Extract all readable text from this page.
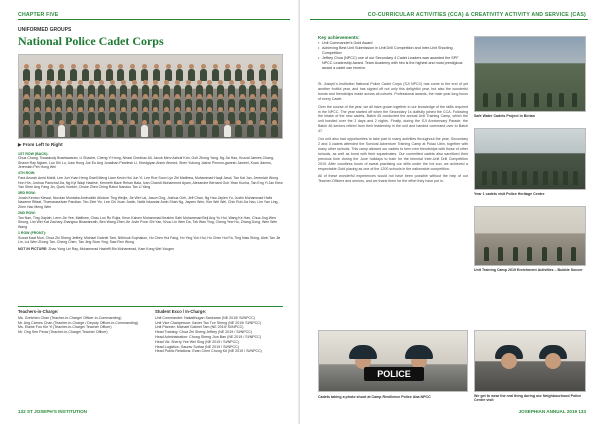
CHAPTER FIVE
UNIFORMED GROUPS
National Police Cadet Corps
▶ From Left to Right
1ST ROW (BACK):
Chua Chang, Tiwaakudy Bosetawaran, Li Shaohe, Cheng Yi Hong, Nhaal Chedhav Ali, Jacob Merv Ashraf Koh, Goh Zhong Yang, Ng Jia Hao, Kuzzal Jamies Chang, Shawn Ray Ngiam, Luo Shi Lu, Liaw Hong Jue Eu Ang Jonathan Pearlesh Li, Khedgiyan Ahmir Ahmed, Shen Yuhong Jashvi Pinmon-ganesh Jameel, Kuan Jianmu, Jeremiah Peh Hong Wei
4TH ROW:
Fara Azurah Amid Mahil, Lee Jun Yuan Heng Gwell Meng Liam Kevin Hui Jun Yi, Lee Rue Soon Lyn Zhi Matthew, Muhammad Haqil Jasol, Tan Kai Jun, Jeremiah Wong Hon Hin, Joshua Pamzhal Jia, Ng Kyl Waql Hastine, Kenneth Baze Rehan Bala, Ivan Chandi Muhammed Ayam, Alexandre Bernard Goh Yean Kucha, Tan Eng Yi Jan Kiew Yan Shen Ang Fang Jin, Quek Xuebei, Choke Zhen Ching Rahul Nandoo Tan Li Yang
3RD ROW:
Jonah Kenton Kiewal, Nurulan Muntaba Amiruddin Alloicon Ting Weijie, Jie Wei Lai, Jason Ong, Joshua Goh, Jeff Chan, Ng Hao Jaylen Yu, Justin Muhammad Hafiz Naseem Rifaat, Thamaraselvan Pandian, Teo Ziee Yin, Lee Chi Xuan Justin, Nafiz Iskandar Amin Shah Ng, Jaysen Wen, Kim Wei Wei, Chin Ruh Jia Hao, Lim Yan Ling, Zhen Hao Meng Wee
2ND ROW:
Tan Nan, Ting Jiayiah, Lerm Jie Yee, Matthew, Chau Luo Ru Rujia, Keon Kaiven Muhammad Ibrahim Sahi Muhammad Beji Ang Yu Hui, Wang Ke Han, Chua Jing Wen Seong, Lim Wei Kat Zachary Zhangwu Bhawanrath, Ben Wang Zhen Jie Jovin Poon Shi Yan, Khoo Lin Wen Da, Tok Wan Ying, Cheng Yew Ho, Zhang Dong, Wen Wen Wang
1 ROW (FRONT):
Suwat Kaat Mun, Chua Zhi Sheng Jeffrey, Michael Gabriel Tam, Nithinuk Suphakon, Ho Chen Hui Fang, Ho Ying Yun Hui, Ho Chen Hui Fa, Ting Naw Shing, Alvin Tan Jie Lin, Lui Wen Zhong Tan, Cheng Chen, Tan Jing Siow Ying, Saw Ren Wong
NOT IN PICTURE: Zhao Yong Lei Ray, Muhammad Hazieffi Bin Mohammad, Kam Kong Wei Yougen
Teachers-in-Charge:
Ms. Gretchen Chan (Teacher-in-Charge/ Officer-in-Commanding)
Mr. Ang Carnes Chan (Teacher-in-Charge / Deputy Officer-in-Commanding)
Ms. Elaine Foo Kin Yi (Teacher-in-Charge/ Teacher Officer)
Mr. Ong See Peow (Teacher-in-Charge/ Teacher Officer)
Student Exco / In-Charge:
Unit Commander: Nakatthugan Sankaran (NE 2019/ SI/NPCC)
Unit Vice Chairperson: Xavier Tan Tze Sheng (NE 2019/ SI/NPCC)
Unit Planner: Michael Gabriel Tam (NE 2019/ SI/NPCC)
Head Training: Chua Zhi Sheng Jeffrey (NE 2019 / SI/NPCC)
Head Administration: Chong Sheng Jiun Ban (NE 2019 / SI/NPCC)
Head VA: Sherry Yee Wei Sing (NE 2019 / SI/NPCC)
Head Logistics: Gaurav Suthar (NE 2019 / SI/NPCC)
Head Public Relations: Evan Chen Chong Kit (NE 2019 / SI/NPCC)
132 ST JOSEPH'S INSTITUTION
CO-CURRICULAR ACTIVITIES (CCA) & CREATIVITY ACTIVITY AND SERVICE (CAS)
Key achievements:
• Unit Commander's Gold Award
• Achieving Best Unit Submission in Unit Drill Competition and Inter-Unit Shooting Competition
• Jeffrey Chua (NPCC) one of our Secondary 4 Cadet Leaders was awarded the SPF NPCC Leadership Award. Team Academy with him is the highest and most prestigious award a cadet can receive.

St. Joseph's Institution National Police Cadet Corps (SJI NPCC) has come to the end of yet another fruitful year, and has signed off not only this delightful year, but also the wonderful bonds and friendships made across all cohorts. Professional awards, the main year-long focus of every Cadet.

Over the course of the year, we all have grown together in our knowledge of the skills required in the NPCC. The year started off when the Secondary 1s dutifully joined the CCA. Following the intake of the new cadets, Batch 45 conducted the annual Unit Training Camp, which the unit bonded over the 3 days and 2 nights. Finally, during the SJI Anniversary Parade, the Batch 46 seniors retired from their leadership in the unit and handed command over to Batch 47.

Our unit also had opportunities to take part in many activities throughout the year. Secondary 2 and 3 cadets attended the Survival Adventure Training Camp at Pulau Ubin, together with many other schools. This camp allowed our cadets to form new friendships with those of other schools, as well as bond with their squadmates. Our committed cadets also sacrificed their precious time during the June holidays to train for the biennial Inter-Unit Drill Competition 2019. After countless hours of sweat practising our drills under the hot sun, we achieved a respectable Gold placing as one of the 1200 schools in the nationwide competition.

All of these wonderful experiences would not have been possible without the help of our Teacher-Officers and seniors, and we thank them for the effort they have put in.

Safe Water Cadets Project in Bintan
Year 1 cadets visit Police Heritage Centre
Unit Training Camp 2019 Enrichment Activities – Bubble Soccer
POLICE
Cadets taking a photo shoot at Camp Resilience Police Aba NPCC	We get to wear the real thing during our Neighbourhood Police Centre visit
JOSEPHIAN ANNUAL 2019 133
